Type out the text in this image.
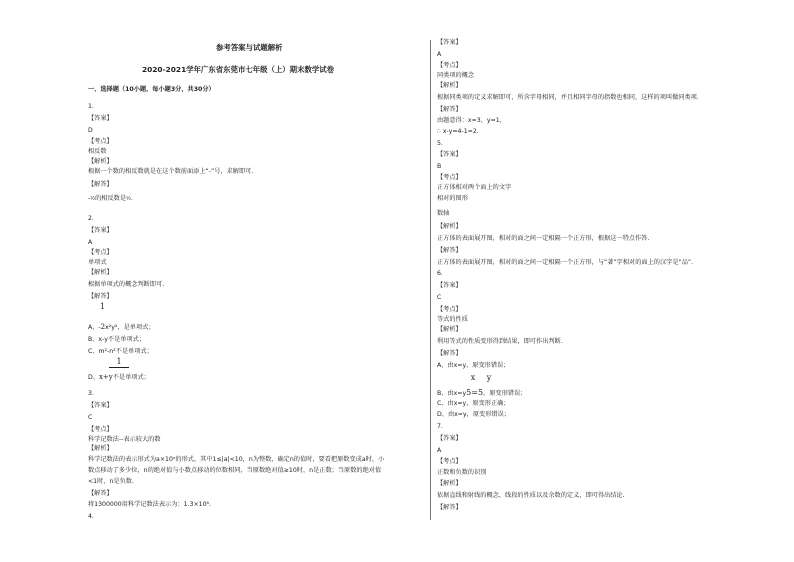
参考答案与试题解析
2020-2021学年广东省东莞市七年级（上）期末数学试卷
一、选择题（10小题，每小题3分，共30分）
1.
【答案】
D
【考点】
相反数
【解析】
根据一个数的相反数就是在这个数前面添上“-”号，求解即可.
【解答】
-½的相反数是½.
2.
【答案】
A
【考点】
单项式
【解析】
根据单项式的概念判断即可.
【解答】
1
A、-2x²y²，是单项式；
B、x-y不是单项式；
C、m²-n²不是单项式；
1
D、x+y不是单项式；
3.
【答案】
C
【考点】
科学记数法--表示较大的数
【解析】
科学记数法的表示形式为a×10ⁿ的形式，其中1≤|a|<10，n为整数，确定n的值时，要看把原数变成a时，小
数点移动了多少位，n的绝对值与小数点移动的位数相同，当原数绝对值≥10时，n是正数；当原数的绝对值
<1时，n是负数.
【解答】
将1300000用科学记数法表示为：1.3×10⁶.
4.
【答案】
A
【考点】
同类项的概念
【解析】
根据同类项的定义求解即可，所含字母相同，并且相同字母的指数也相同，这样的项叫做同类项.
【解答】
由题意得：x=3，y=1，
∴ x-y=4-1=2.
5.
【答案】
B
【考点】
正方体相对两个面上的文字
相对的图形
数轴
【解析】
正方体的表面展开图，相对的面之间一定相隔一个正方形，根据这一特点作答.
【解答】
正方体的表面展开图，相对的面之间一定相隔一个正方形，与“著”字相对的面上的汉字是“品”.
6.
【答案】
C
【考点】
等式的性质
【解析】
利用等式的性质变形得到结果，即可作出判断.
【解答】
A、由x=y，原变形错误；
x y
B、由x=y5=5，原变形错误；
C、由x=y，原变形正确；
D、由x=y，原变形错误；
7.
【答案】
A
【考点】
正数和负数的识别
【解析】
依据直线和射线的概念，线段的性质以及余数的定义，即可得出结论.
【解答】
